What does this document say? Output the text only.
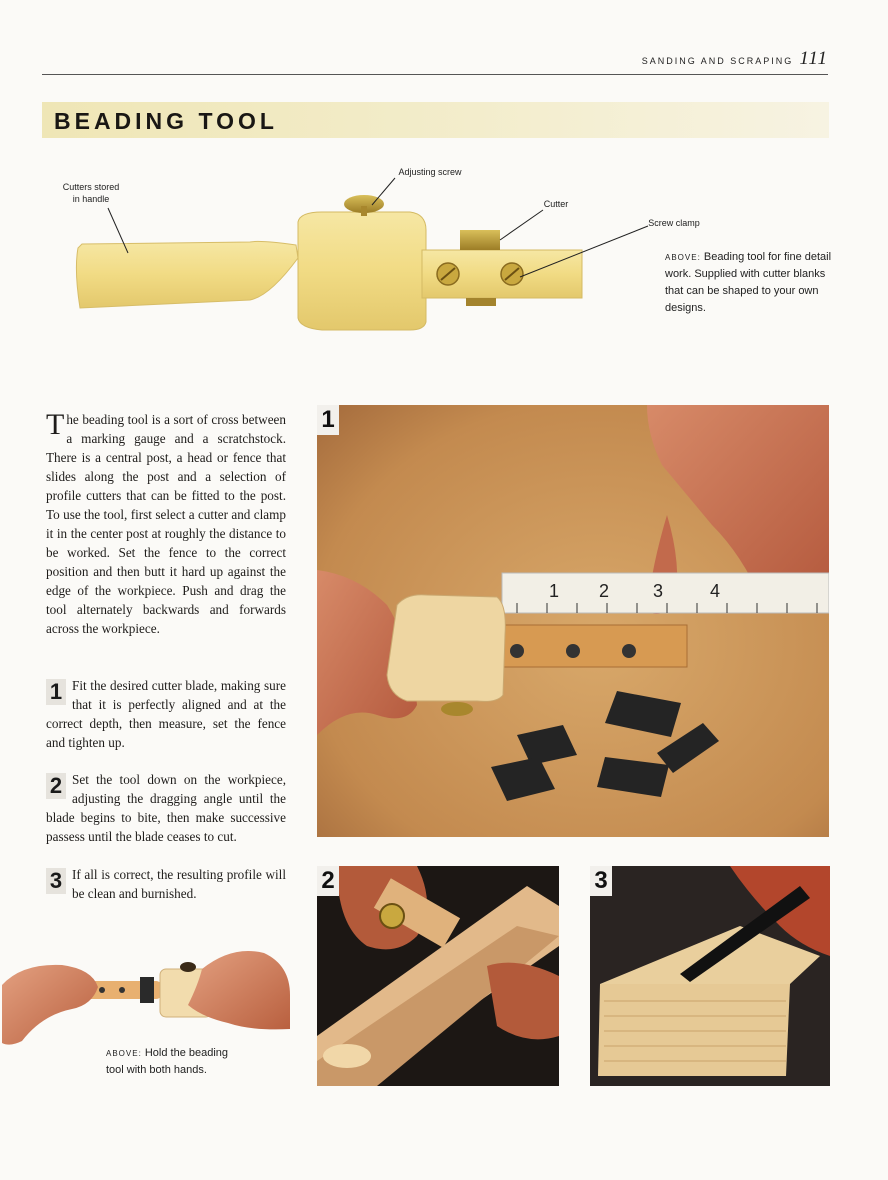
SANDING AND SCRAPING 111
BEADING TOOL
Cutters stored
in handle
Adjusting screw
Cutter
Screw clamp
ABOVE: Beading tool for fine detail work. Supplied with cutter blanks that can be shaped to your own designs.
The beading tool is a sort of cross between a marking gauge and a scratchstock. There is a central post, a head or fence that slides along the post and a selection of profile cutters that can be fitted to the post. To use the tool, first select a cutter and clamp it in the center post at roughly the distance to be worked. Set the fence to the correct position and then butt it hard up against the edge of the workpiece. Push and drag the tool alternately backwards and forwards across the workpiece.
1 Fit the desired cutter blade, making sure that it is perfectly aligned and at the correct depth, then measure, set the fence and tighten up.
2 Set the tool down on the workpiece, adjusting the dragging angle until the blade begins to bite, then make successive passess until the blade ceases to cut.
3 If all is correct, the resulting profile will be clean and burnished.
1 2 3	4
1
2	3
ABOVE: Hold the beading tool with both hands.
